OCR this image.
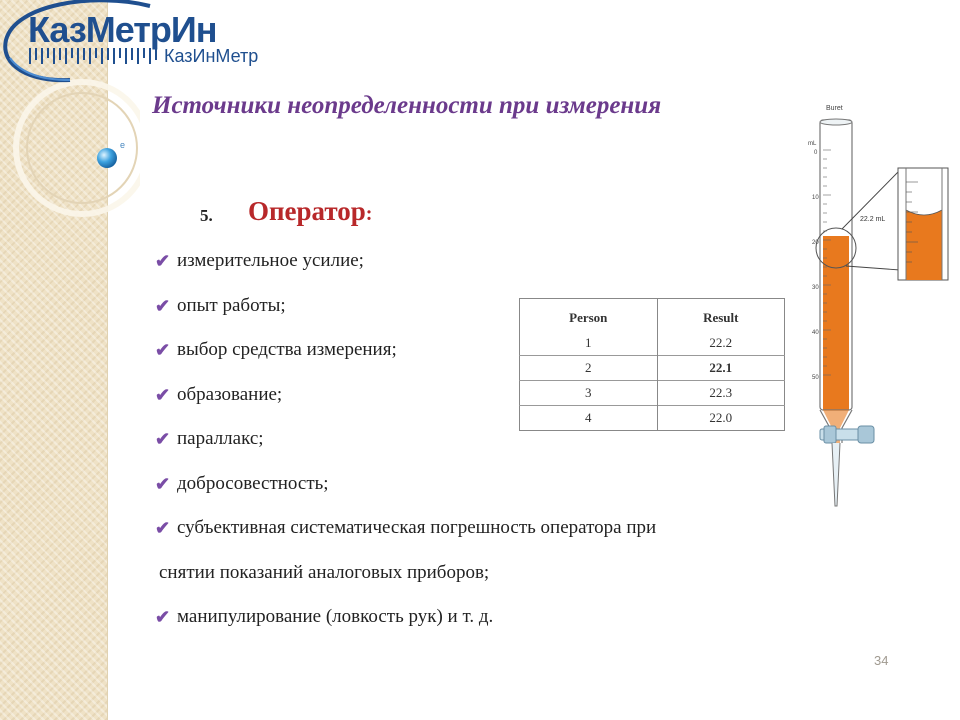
e
КазМетрИн
КазИнМетр
Источники неопределенности при измерения
5. Оператор:
✔ измерительное усилие;
✔ опыт работы;
✔ выбор средства измерения;
✔ образование;
✔ параллакс;
✔ добросовестность;
✔ субъективная систематическая погрешность оператора при
снятии показаний аналоговых приборов;
✔ манипулирование (ловкость рук) и т. д.
Person	Result
1	22.2
2	22.1
3	22.3
4	22.0
Buret
mL
0
10
20
30
40
50
22.2 mL
34
